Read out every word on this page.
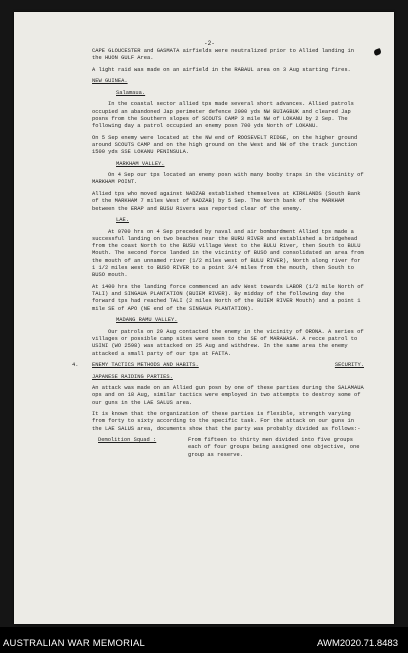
-2-

CAPE GLOUCESTER and GASMATA airfields were neutralized prior to Allied landing in the HUON GULF Area.

A light raid was made on an airfield in the RABAUL area on 3 Aug starting fires.

NEW GUINEA.

Salamaua.

In the coastal sector allied tps made several short advances. Allied patrols occupied an abandoned Jap perimeter defence 2000 yds NW BUIAGBUK and cleared Jap posns from the Southern slopes of SCOUTS CAMP 3 mile NW of LOKANU by 2 Sep. The following day a patrol occupied an enemy posn 700 yds North of LOKANU.

On 5 Sep enemy were located at the NW end of ROOSEVELT RIDGE, on the higher ground around SCOUTS CAMP and on the high ground on the West and NW of the track junction 1500 yds SSE LOKANU PENINSULA.

MARKHAM VALLEY.

On 4 Sep our tps located an enemy posn with many booby traps in the vicinity of MARKHAM POINT.

Allied tps who moved against NADZAB established themselves at KIRKLANDS (South Bank of the MARKHAM 7 miles West of NADZAB) by 5 Sep. The North bank of the MARKHAM between the ERAP and BUSU Rivers was reported clear of the enemy.

LAE.

At 0700 hrs on 4 Sep preceded by naval and air bombardment Allied tps made a successful landing on two beaches near the BURU RIVER and established a bridgehead from the coast North to the BUSU village West to the BULU River, then South to BULU Mouth. The second force landed in the vicinity of BUSO and consolidated an area from the mouth of an unnamed river (1/2 miles west of BULU RIVER), North along river for 1 1/2 miles west to BUSO RIVER to a point 3/4 miles from the mouth, then South to BUSO mouth.

At 1400 hrs the landing force commenced an adv West towards LABOR (1/2 mile North of TALI) and SINGAUA PLANTATION (BUIEM RIVER). By midday of the following day the forward tps had reached TALI (2 miles North of the BUIEM RIVER Mouth) and a point 1 mile SE of APO (NE end of the SINGAUA PLANTATION).

MADANG RAMU VALLEY.

Our patrols on 29 Aug contacted the enemy in the vicinity of ORONA. A series of villages or possible camp sites were seen to the SE of MARAWASA. A recce patrol to USINI (WO 2598) was attacked on 25 Aug and withdrew. In the same area the enemy attacked a small party of our tps at FAITA.

4.	ENEMY TACTICS METHODS AND HABITS.	SECURITY.

JAPANESE RAIDING PARTIES.

An attack was made on an Allied gun posn by one of these parties during the SALAMAUA ops and on 18 Aug, similar tactics were employed in two attempts to destroy some of our guns in the LAE SALUS area.

It is known that the organization of these parties is flexible, strength varying from forty to sixty according to the specific task. For the attack on our guns in the LAE SALUS area, documents show that the party was probably divided as follows:-

Demolition Squad :	From fifteen to thirty men divided into five groups each of four groups being assigned one objective, one group as reserve.
AUSTRALIAN WAR MEMORIAL	AWM2020.71.8483
